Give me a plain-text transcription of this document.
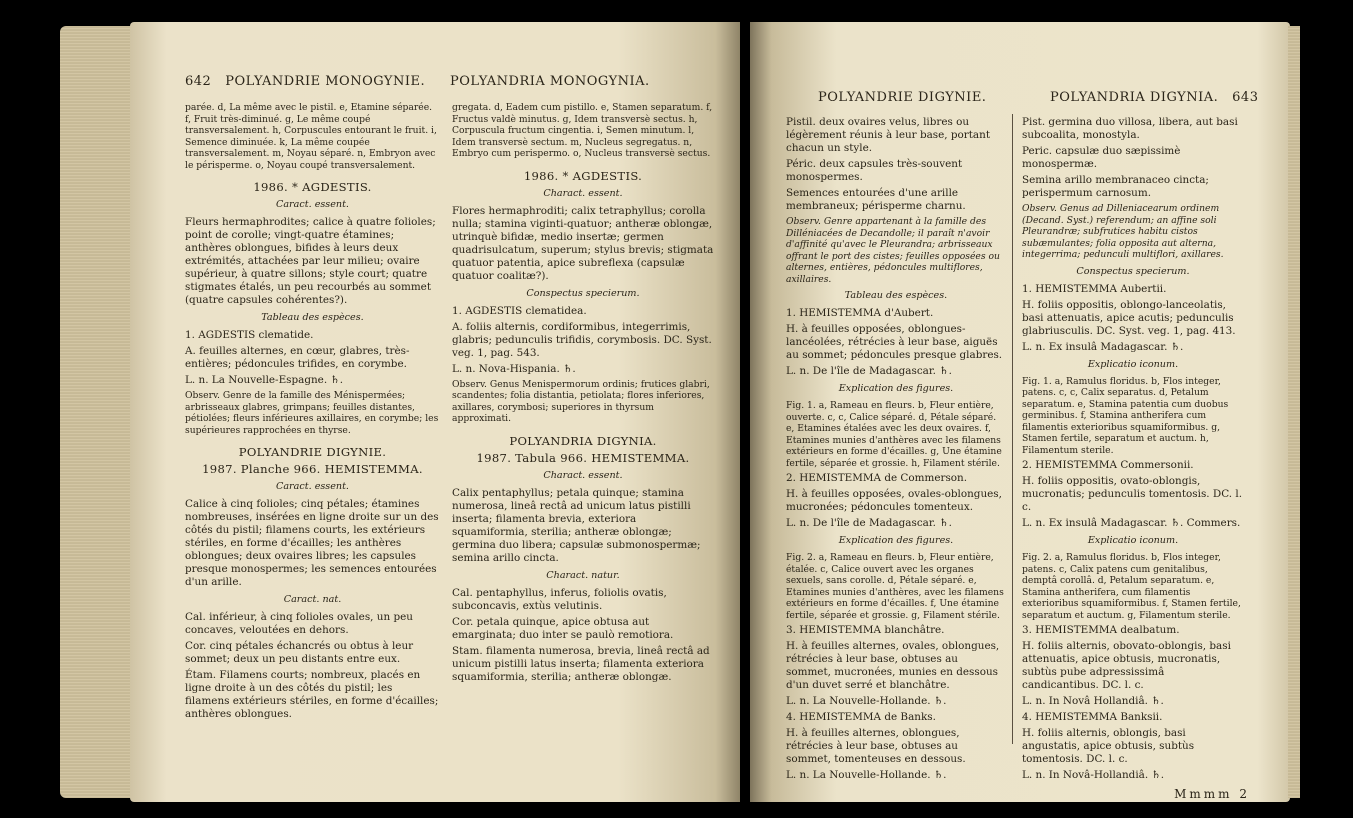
642 POLYANDRIE MONOGYNIE. POLYANDRIA MONOGYNIA.

parée. d, La même avec le pistil. e, Etamine séparée. f, Fruit très-diminué. g, Le même coupé transversalement. h, Corpuscules entourant le fruit. i, Semence diminuée. k, La même coupée transversalement. m, Noyau séparé. n, Embryon avec le périsperme. o, Noyau coupé transversalement.

1986. * AGDESTIS.
Caract. essent.

Fleurs hermaphrodites; calice à quatre folioles; point de corolle; vingt-quatre étamines; anthères oblongues, bifides à leurs deux extrémités, attachées par leur milieu; ovaire supérieur, à quatre sillons; style court; quatre stigmates étalés, un peu recourbés au sommet (quatre capsules cohérentes?).

Tableau des espèces.

1. AGDESTIS clematide.

A. feuilles alternes, en cœur, glabres, très-entières; pédoncules trifides, en corymbe.

L. n. La Nouvelle-Espagne. ♄.

Observ. Genre de la famille des Ménispermées; arbrisseaux glabres, grimpans; feuilles distantes, pétiolées; fleurs inférieures axillaires, en corymbe; les supérieures rapprochées en thyrse.

POLYANDRIE DIGYNIE.
1987. Planche 966. HEMISTEMMA.
Caract. essent.

Calice à cinq folioles; cinq pétales; étamines nombreuses, insérées en ligne droite sur un des côtés du pistil; filamens courts, les extérieurs stériles, en forme d'écailles; les anthères oblongues; deux ovaires libres; les capsules presque monospermes; les semences entourées d'un arille.

Caract. nat.

Cal. inférieur, à cinq folioles ovales, un peu concaves, veloutées en dehors.

Cor. cinq pétales échancrés ou obtus à leur sommet; deux un peu distants entre eux.

Étam. Filamens courts; nombreux, placés en ligne droite à un des côtés du pistil; les filamens extérieurs stériles, en forme d'écailles; anthères oblongues.

gregata. d, Eadem cum pistillo. e, Stamen separatum. f, Fructus valdè minutus. g, Idem transversè sectus. h, Corpuscula fructum cingentia. i, Semen minutum. l, Idem transversè sectum. m, Nucleus segregatus. n, Embryo cum perispermo. o, Nucleus transversè sectus.

1986. * AGDESTIS.
Charact. essent.

Flores hermaphroditi; calix tetraphyllus; corolla nulla; stamina viginti-quatuor; antheræ oblongæ, utrinquè bifidæ, medio insertæ; germen quadrisulcatum, superum; stylus brevis; stigmata quatuor patentia, apice subreflexa (capsulæ quatuor coalitæ?).

Conspectus specierum.

1. AGDESTIS clematidea.

A. foliis alternis, cordiformibus, integerrimis, glabris; pedunculis trifidis, corymbosis. DC. Syst. veg. 1, pag. 543.

L. n. Nova-Hispania. ♄.

Observ. Genus Menispermorum ordinis; frutices glabri, scandentes; folia distantia, petiolata; flores inferiores, axillares, corymbosi; superiores in thyrsum approximati.

POLYANDRIA DIGYNIA.
1987. Tabula 966. HEMISTEMMA.
Charact. essent.

Calix pentaphyllus; petala quinque; stamina numerosa, lineâ rectâ ad unicum latus pistilli inserta; filamenta brevia, exteriora squamiformia, sterilia; antheræ oblongæ; germina duo libera; capsulæ submonospermæ; semina arillo cincta.

Charact. natur.

Cal. pentaphyllus, inferus, foliolis ovatis, subconcavis, extùs velutinis.

Cor. petala quinque, apice obtusa aut emarginata; duo inter se paulò remotiora.

Stam. filamenta numerosa, brevia, lineâ rectâ ad unicum pistilli latus inserta; filamenta exteriora squamiformia, sterilia; antheræ oblongæ.

POLYANDRIE DIGYNIE.	POLYANDRIA DIGYNIA. 643

Pistil. deux ovaires velus, libres ou légèrement réunis à leur base, portant chacun un style.

Péric. deux capsules très-souvent monospermes.

Semences entourées d'une arille membraneux; périsperme charnu.

Observ. Genre appartenant à la famille des Dilléniacées de Decandolle; il paraît n'avoir d'affinité qu'avec le Pleurandra; arbrisseaux offrant le port des cistes; feuilles opposées ou alternes, entières, pédoncules multiflores, axillaires.

Tableau des espèces.

1. HEMISTEMMA d'Aubert.

H. à feuilles opposées, oblongues-lancéolées, rétrécies à leur base, aiguës au sommet; pédoncules presque glabres.

L. n. De l'île de Madagascar. ♄.

Explication des figures.

Fig. 1. a, Rameau en fleurs. b, Fleur entière, ouverte. c, c, Calice séparé. d, Pétale séparé. e, Etamines étalées avec les deux ovaires. f, Etamines munies d'anthères avec les filamens extérieurs en forme d'écailles. g, Une étamine fertile, séparée et grossie. h, Filament stérile.

2. HEMISTEMMA de Commerson.

H. à feuilles opposées, ovales-oblongues, mucronées; pédoncules tomenteux.

L. n. De l'île de Madagascar. ♄.

Explication des figures.

Fig. 2. a, Rameau en fleurs. b, Fleur entière, étalée. c, Calice ouvert avec les organes sexuels, sans corolle. d, Pétale séparé. e, Etamines munies d'anthères, avec les filamens extérieurs en forme d'écailles. f, Une étamine fertile, séparée et grossie. g, Filament stérile.

3. HEMISTEMMA blanchâtre.

H. à feuilles alternes, ovales, oblongues, rétrécies à leur base, obtuses au sommet, mucronées, munies en dessous d'un duvet serré et blanchâtre.

L. n. La Nouvelle-Hollande. ♄.

4. HEMISTEMMA de Banks.

H. à feuilles alternes, oblongues, rétrécies à leur base, obtuses au sommet, tomenteuses en dessous.

L. n. La Nouvelle-Hollande. ♄.

Pist. germina duo villosa, libera, aut basi subcoalita, monostyla.

Peric. capsulæ duo sæpissimè monospermæ.

Semina arillo membranaceo cincta; perispermum carnosum.

Observ. Genus ad Dilleniacearum ordinem (Decand. Syst.) referendum; an affine soli Pleurandræ; subfrutices habitu cistos subæmulantes; folia opposita aut alterna, integerrima; pedunculi multiflori, axillares.

Conspectus specierum.

1. HEMISTEMMA Aubertii.

H. foliis oppositis, oblongo-lanceolatis, basi attenuatis, apice acutis; pedunculis glabriusculis. DC. Syst. veg. 1, pag. 413.

L. n. Ex insulâ Madagascar. ♄.

Explicatio iconum.

Fig. 1. a, Ramulus floridus. b, Flos integer, patens. c, c, Calix separatus. d, Petalum separatum. e, Stamina patentia cum duobus germinibus. f, Stamina antherifera cum filamentis exterioribus squamiformibus. g, Stamen fertile, separatum et auctum. h, Filamentum sterile.

2. HEMISTEMMA Commersonii.

H. foliis oppositis, ovato-oblongis, mucronatis; pedunculis tomentosis. DC. l. c.

L. n. Ex insulâ Madagascar. ♄. Commers.

Explicatio iconum.

Fig. 2. a, Ramulus floridus. b, Flos integer, patens. c, Calix patens cum genitalibus, demptâ corollâ. d, Petalum separatum. e, Stamina antherifera, cum filamentis exterioribus squamiformibus. f, Stamen fertile, separatum et auctum. g, Filamentum sterile.

3. HEMISTEMMA dealbatum.

H. foliis alternis, obovato-oblongis, basi attenuatis, apice obtusis, mucronatis, subtùs pube adpressissimâ candicantibus. DC. l. c.

L. n. In Novâ Hollandiâ. ♄.

4. HEMISTEMMA Banksii.

H. foliis alternis, oblongis, basi angustatis, apice obtusis, subtùs tomentosis. DC. l. c.

L. n. In Novâ-Hollandiâ. ♄.

Mmmm 2
